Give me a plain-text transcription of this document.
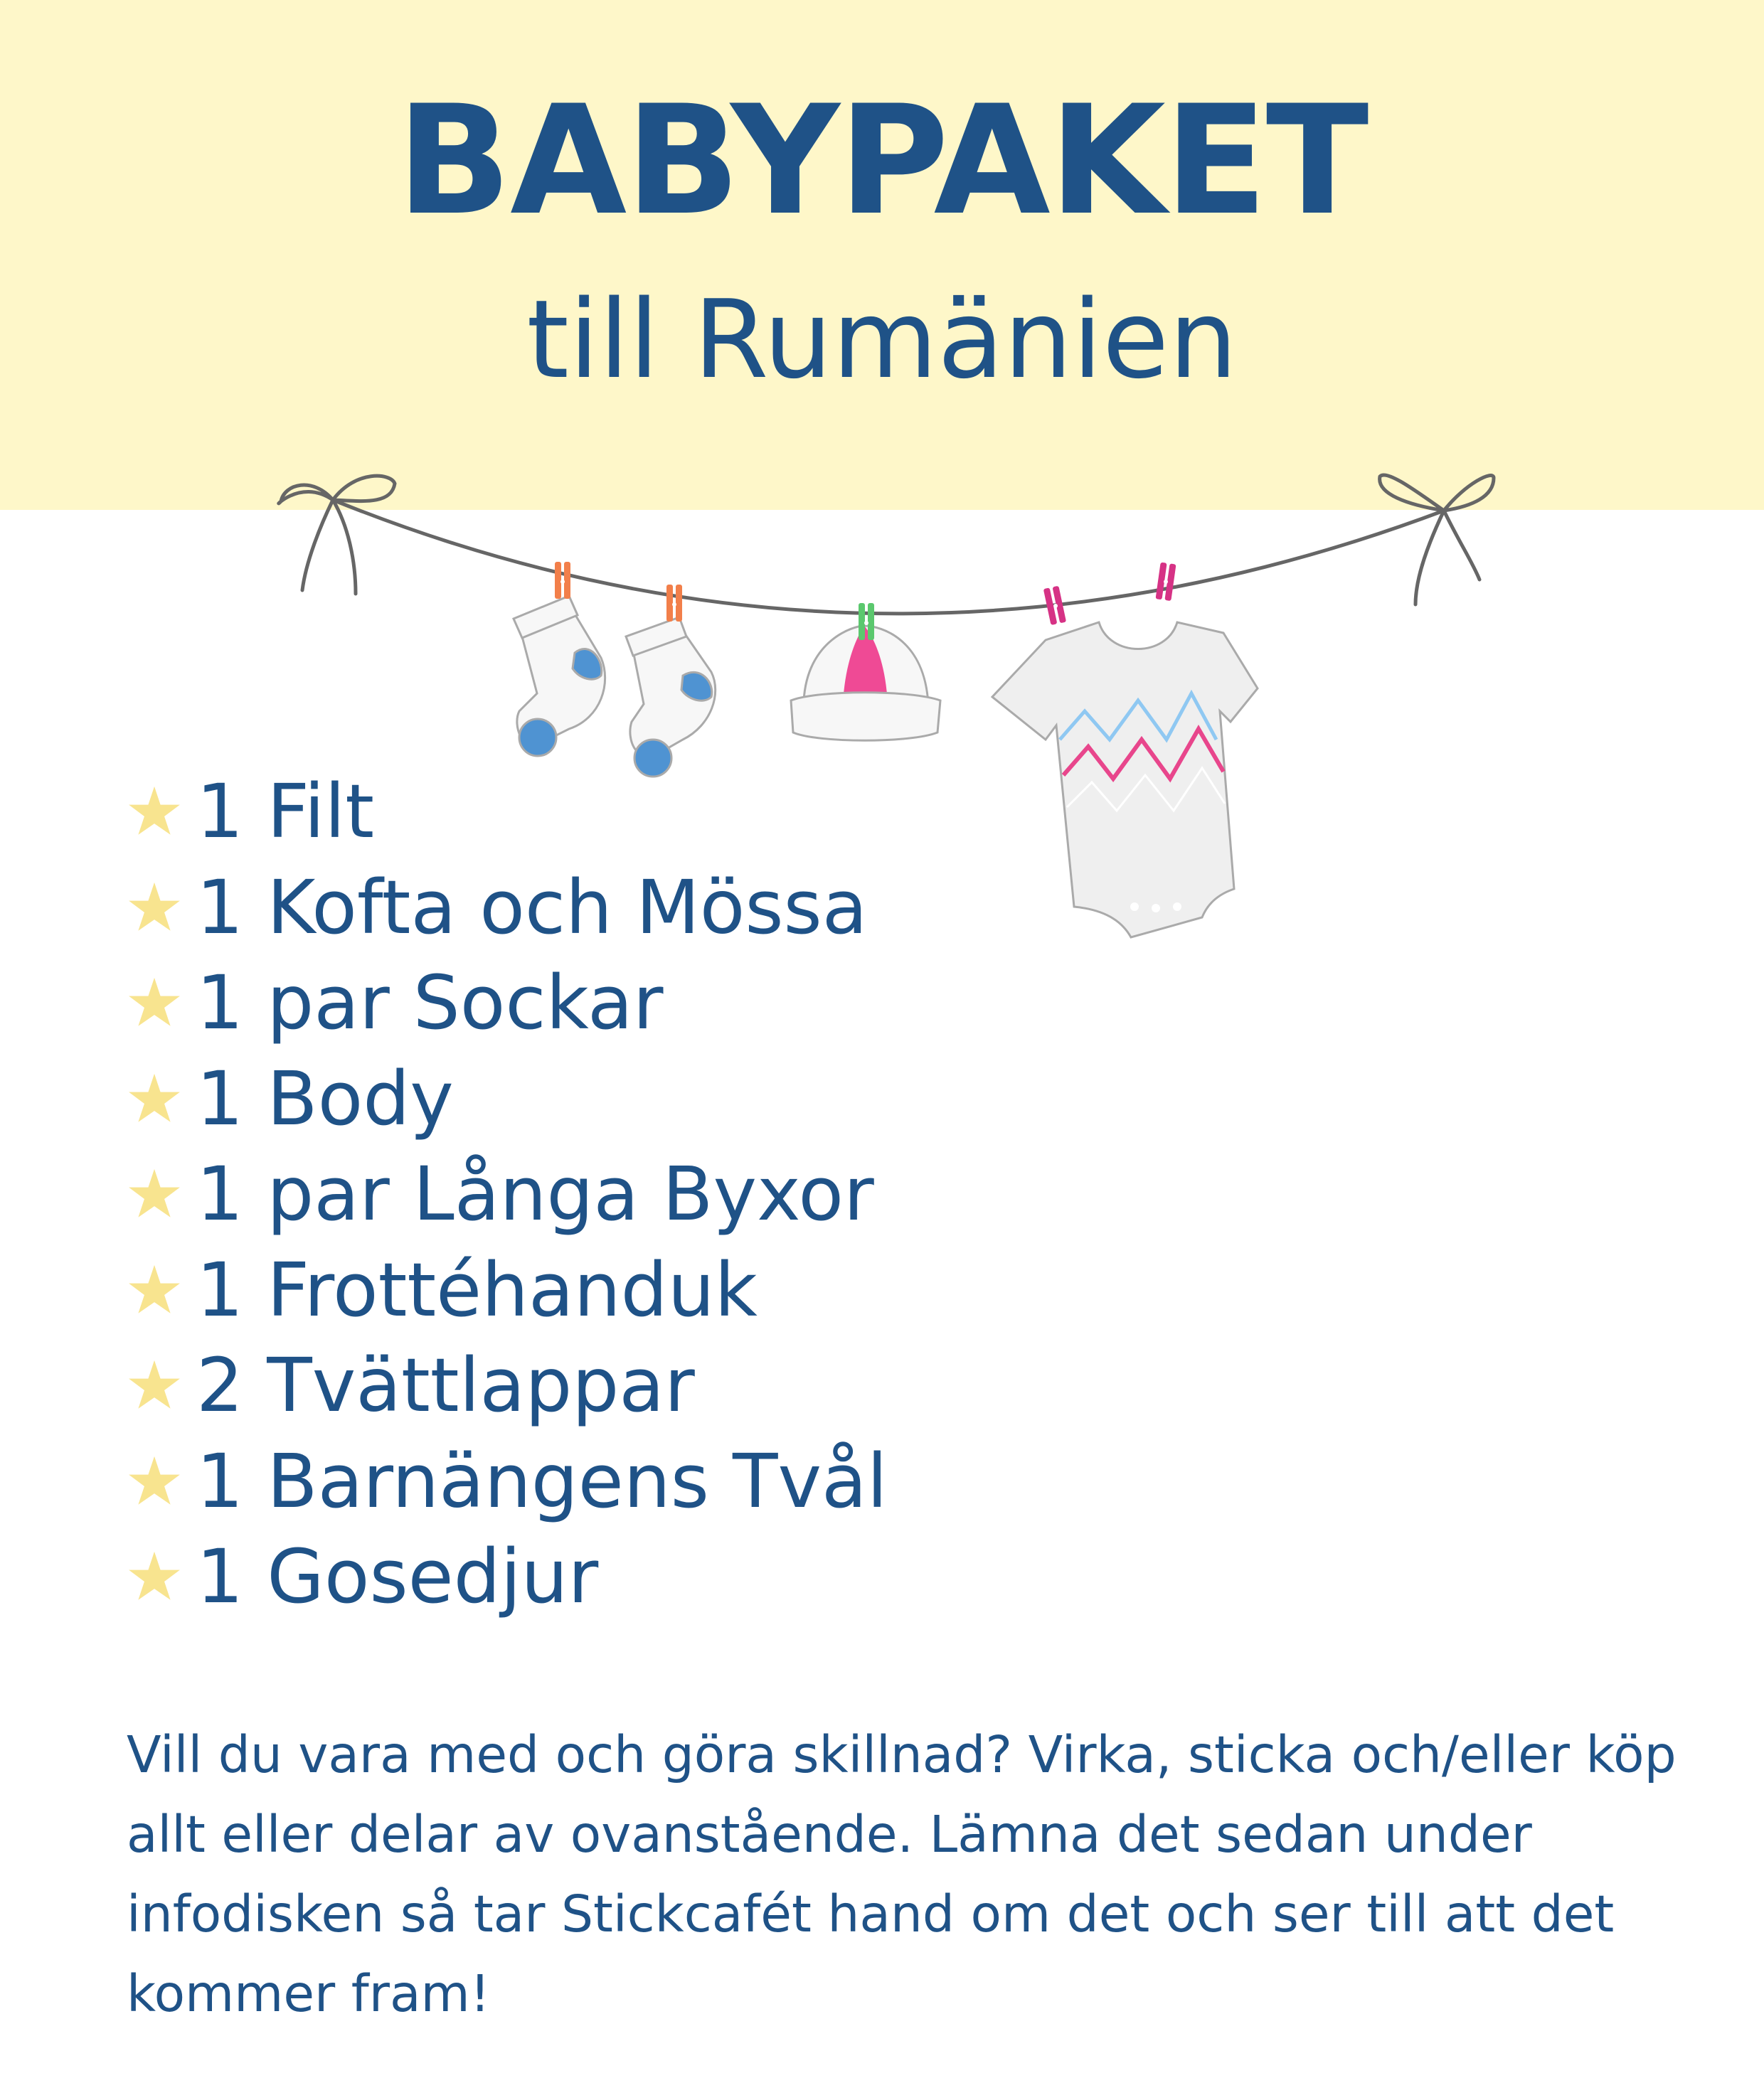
BABYPAKET
till Rumänien
1 Filt
1 Kofta och Mössa
1 par Sockar
1 Body
1 par Långa Byxor
1 Frottéhanduk
2 Tvättlappar
1 Barnängens Tvål
1 Gosedjur

Vill du vara med och göra skillnad? Virka, sticka och/eller köp allt eller delar av ovanstående. Lämna det sedan under infodisken så tar Stickcafét hand om det och ser till att det kommer fram!
